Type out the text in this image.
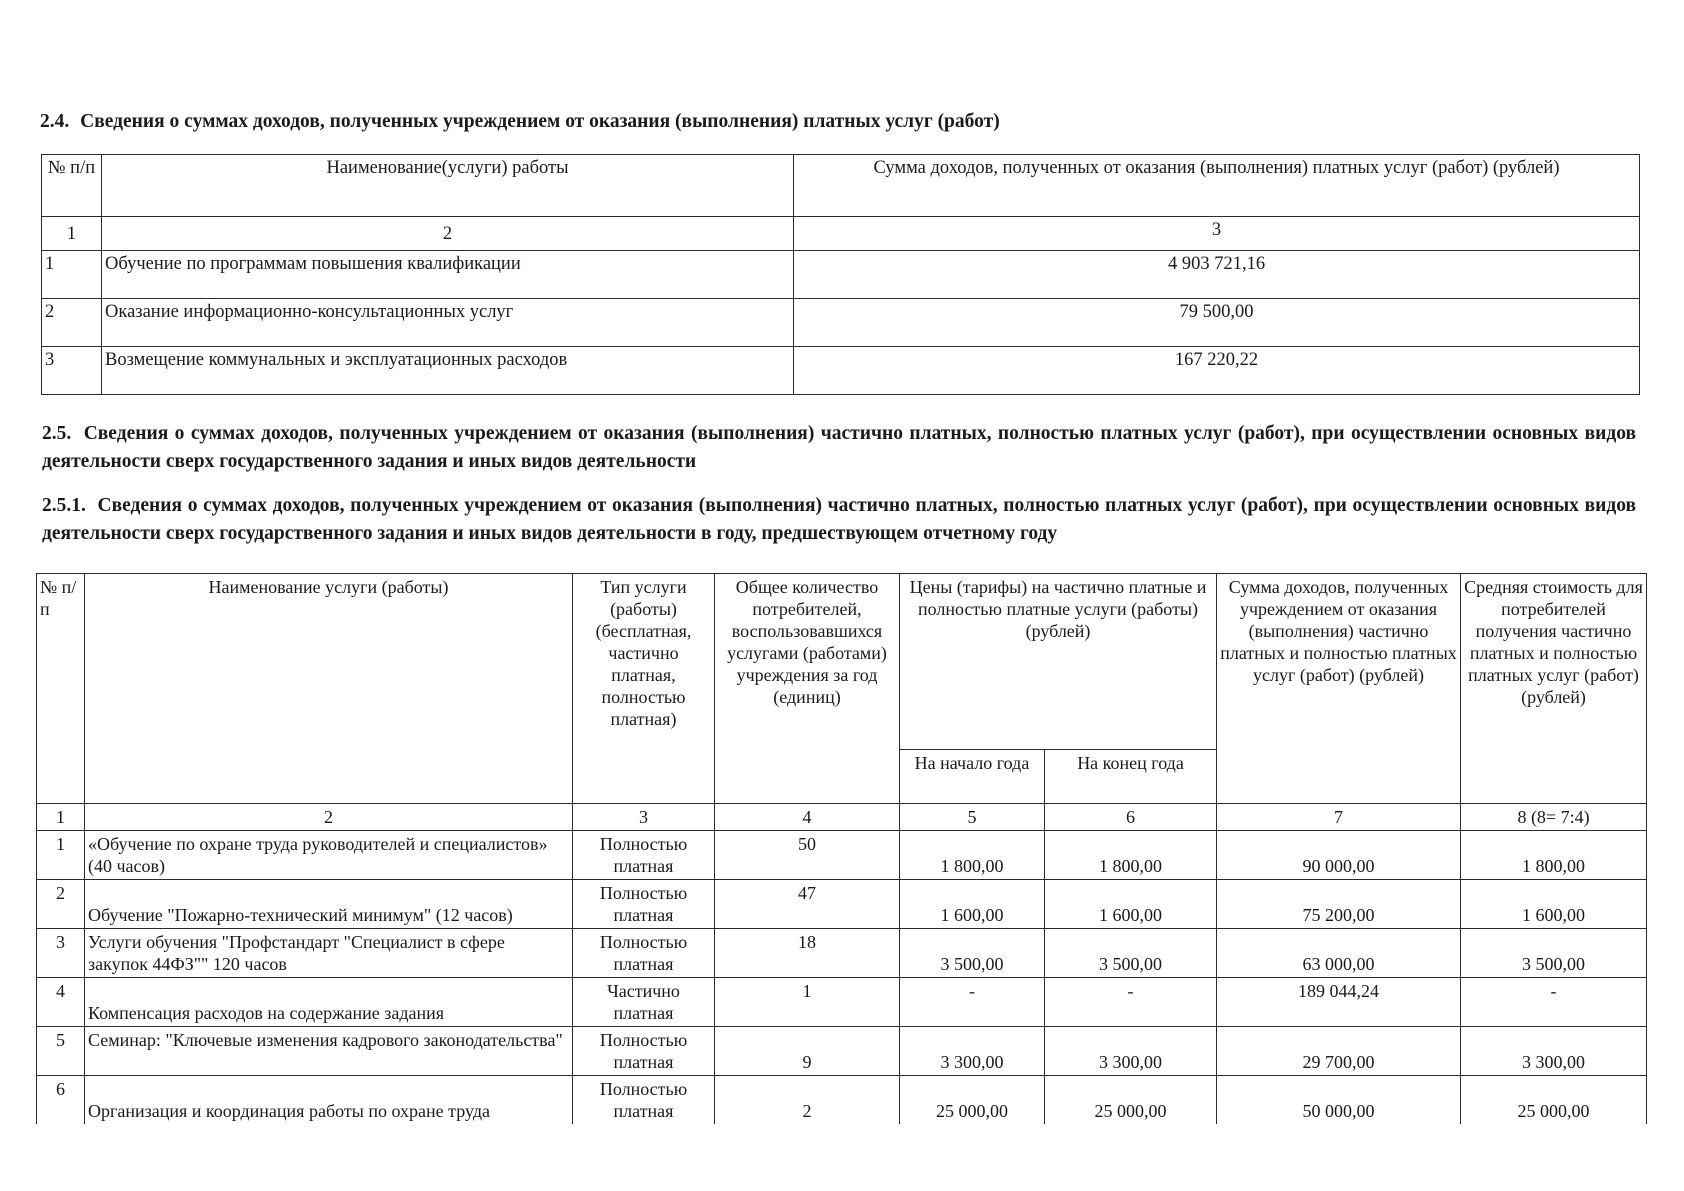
2.4. Сведения о суммах доходов, полученных учреждением от оказания (выполнения) платных услуг (работ)
№ п/п	Наименование(услуги) работы	Сумма доходов, полученных от оказания (выполнения) платных услуг (работ) (рублей)
1	2	3
1	Обучение по программам повышения квалификации	4 903 721,16
2	Оказание информационно-консультационных услуг	79 500,00
3	Возмещение коммунальных и эксплуатационных расходов	167 220,22
2.5. Сведения о суммах доходов, полученных учреждением от оказания (выполнения) частично платных, полностью платных услуг (работ), при осуществлении основных видов деятельности сверх государственного задания и иных видов деятельности
2.5.1. Сведения о суммах доходов, полученных учреждением от оказания (выполнения) частично платных, полностью платных услуг (работ), при осуществлении основных видов деятельности сверх государственного задания и иных видов деятельности в году, предшествующем отчетному году
№ п/п	Наименование услуги (работы)	Тип услуги (работы) (бесплатная, частично платная, полностью платная)	Общее количество потребителей, воспользовавшихся услугами (работами) учреждения за год (единиц)	Цены (тарифы) на частично платные и полностью платные услуги (работы) (рублей)		Сумма доходов, полученных учреждением от оказания (выполнения) частично платных и полностью платных услуг (работ) (рублей)	Средняя стоимость для потребителей получения частично платных и полностью платных услуг (работ) (рублей)
				На начало года	На конец года		
1	2	3	4	5	6	7	8 (8= 7:4)
1	«Обучение по охране труда руководителей и специалистов» (40 часов)	Полностью платная	50	1 800,00	1 800,00	90 000,00	1 800,00
2	Обучение "Пожарно-технический минимум" (12 часов)	Полностью платная	47	1 600,00	1 600,00	75 200,00	1 600,00
3	Услуги обучения "Профстандарт "Специалист в сфере закупок 44ФЗ"" 120 часов	Полностью платная	18	3 500,00	3 500,00	63 000,00	3 500,00
4	Компенсация расходов на содержание задания	Частично платная	1	-	-	189 044,24	-
5	Семинар: "Ключевые изменения кадрового законодательства"	Полностью платная	9	3 300,00	3 300,00	29 700,00	3 300,00
6	Организация и координация работы по охране труда	Полностью платная	2	25 000,00	25 000,00	50 000,00	25 000,00
